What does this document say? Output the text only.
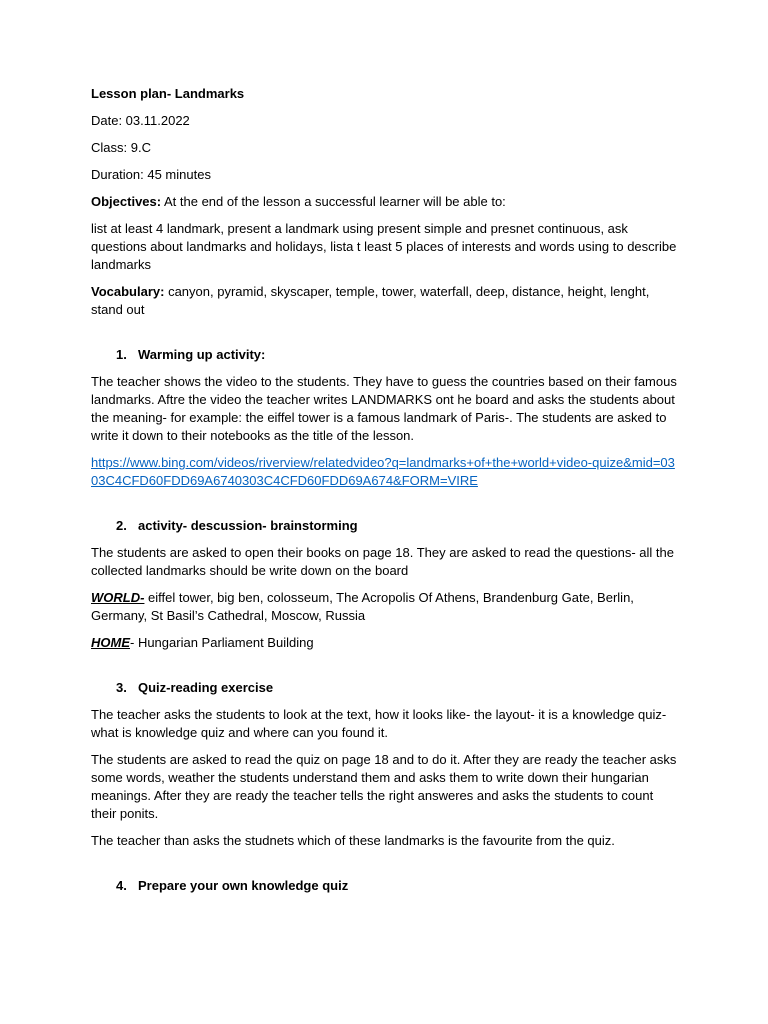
Lesson plan- Landmarks

Date: 03.11.2022

Class: 9.C

Duration: 45 minutes

Objectives: At the end of the lesson a successful learner will be able to:

list at least 4 landmark, present a landmark using present simple and presnet continuous, ask questions about landmarks and holidays, lista t least 5 places of interests and words using to describe landmarks

Vocabulary: canyon, pyramid, skyscaper, temple, tower, waterfall, deep, distance, height, lenght, stand out

1. Warming up activity:

The teacher shows the video to the students. They have to guess the countries based on their famous landmarks. Aftre the video the teacher writes LANDMARKS ont he board and asks the students about the meaning- for example: the eiffel tower is a famous landmark of Paris-. The students are asked to write it down to their notebooks as the title of the lesson.

https://www.bing.com/videos/riverview/relatedvideo?q=landmarks+of+the+world+video-quize&mid=0303C4CFD60FDD69A6740303C4CFD60FDD69A674&FORM=VIRE

2. activity- descussion- brainstorming

The students are asked to open their books on page 18. They are asked to read the questions- all the collected landmarks should be write down on the board

WORLD- eiffel tower, big ben, colosseum, The Acropolis Of Athens, Brandenburg Gate, Berlin, Germany, St Basil’s Cathedral, Moscow, Russia

HOME- Hungarian Parliament Building

3. Quiz-reading exercise

The teacher asks the students to look at the text, how it looks like- the layout- it is a knowledge quiz- what is knowledge quiz and where can you found it.

The students are asked to read the quiz on page 18 and to do it. After they are ready the teacher asks some words, weather the students understand them and asks them to write down their hungarian meanings. After they are ready the teacher tells the right answeres and asks the students to count their ponits.

The teacher than asks the studnets which of these landmarks is the favourite from the quiz.

4. Prepare your own knowledge quiz
